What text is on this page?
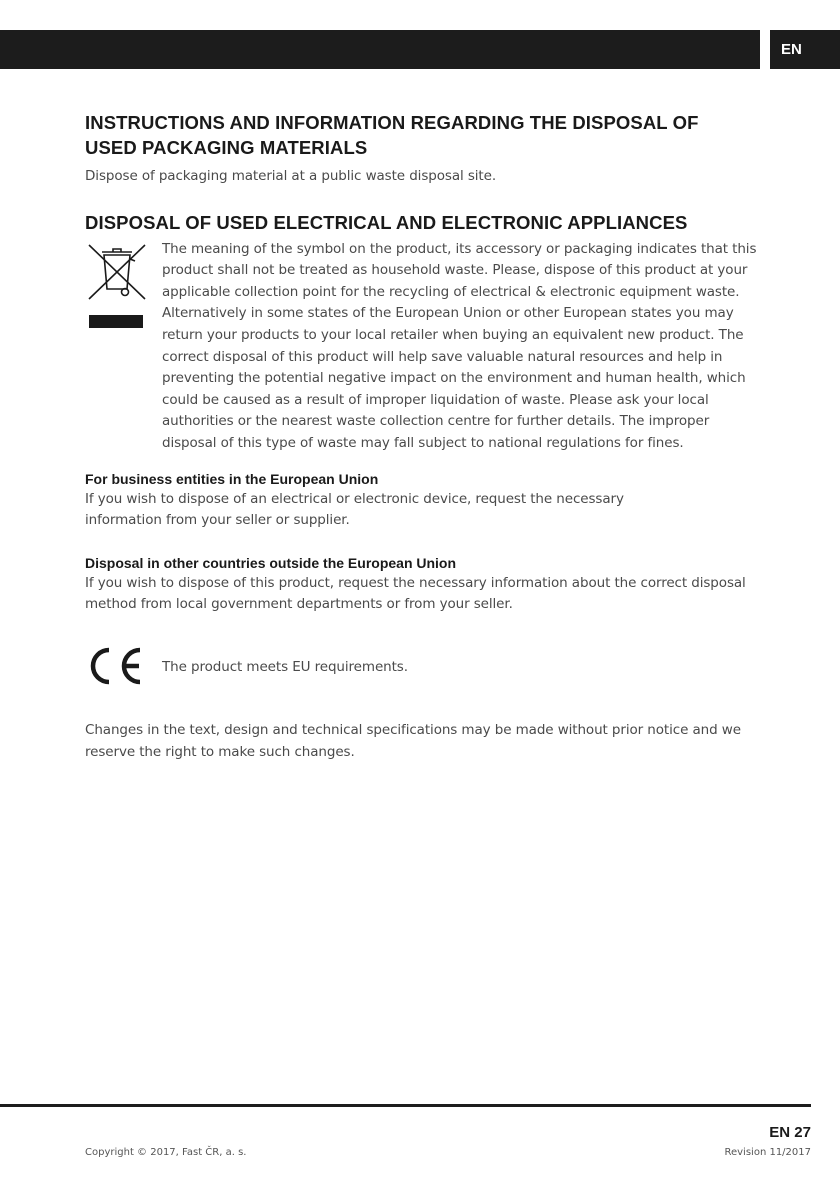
EN
INSTRUCTIONS AND INFORMATION REGARDING THE DISPOSAL OF USED PACKAGING MATERIALS

Dispose of packaging material at a public waste disposal site.

DISPOSAL OF USED ELECTRICAL AND ELECTRONIC APPLIANCES

The meaning of the symbol on the product, its accessory or packaging indicates that this product shall not be treated as household waste. Please, dispose of this product at your applicable collection point for the recycling of electrical & electronic equipment waste. Alternatively in some states of the European Union or other European states you may return your products to your local retailer when buying an equivalent new product. The correct disposal of this product will help save valuable natural resources and help in preventing the potential negative impact on the environment and human health, which could be caused as a result of improper liquidation of waste. Please ask your local authorities or the nearest waste collection centre for further details. The improper disposal of this type of waste may fall subject to national regulations for fines.

For business entities in the European Union

If you wish to dispose of an electrical or electronic device, request the necessary information from your seller or supplier.

Disposal in other countries outside the European Union

If you wish to dispose of this product, request the necessary information about the correct disposal method from local government departments or from your seller.

The product meets EU requirements.

Changes in the text, design and technical specifications may be made without prior notice and we reserve the right to make such changes.

EN 27
Copyright © 2017, Fast ČR, a. s.	Revision 11/2017
